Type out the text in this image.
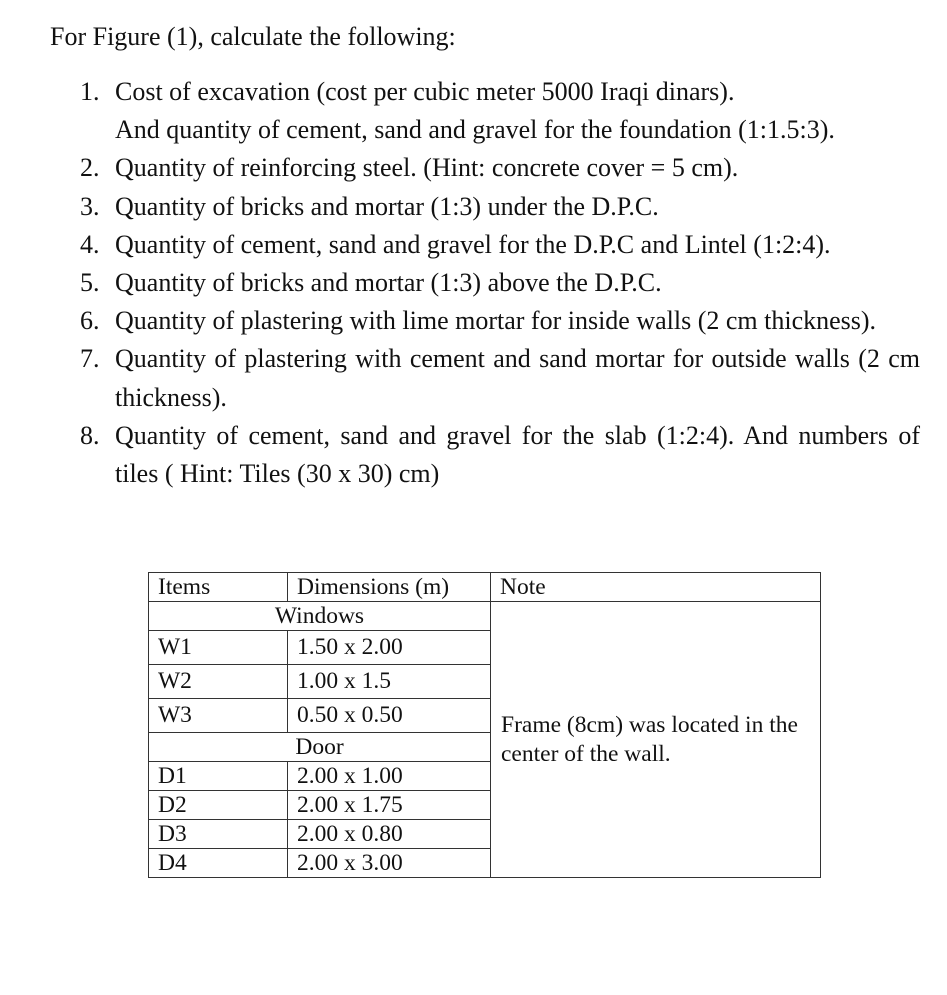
For Figure (1), calculate the following:
1. Cost of excavation (cost per cubic meter 5000 Iraqi dinars).
And quantity of cement, sand and gravel for the foundation (1:1.5:3).
2. Quantity of reinforcing steel. (Hint: concrete cover = 5 cm).
3. Quantity of bricks and mortar (1:3) under the D.P.C.
4. Quantity of cement, sand and gravel for the D.P.C and Lintel (1:2:4).
5. Quantity of bricks and mortar (1:3) above the D.P.C.
6. Quantity of plastering with lime mortar for inside walls (2 cm thickness).
7. Quantity of plastering with cement and sand mortar for outside walls (2 cm thickness).
8. Quantity of cement, sand and gravel for the slab (1:2:4). And numbers of tiles ( Hint: Tiles (30 x 30) cm)
Items	Dimensions (m)	Note
Windows		Frame (8cm) was located in the center of the wall.
W1	1.50 x 2.00	
W2	1.00 x 1.5	
W3	0.50 x 0.50	
Door		
D1	2.00 x 1.00	
D2	2.00 x 1.75	
D3	2.00 x 0.80	
D4	2.00 x 3.00	
